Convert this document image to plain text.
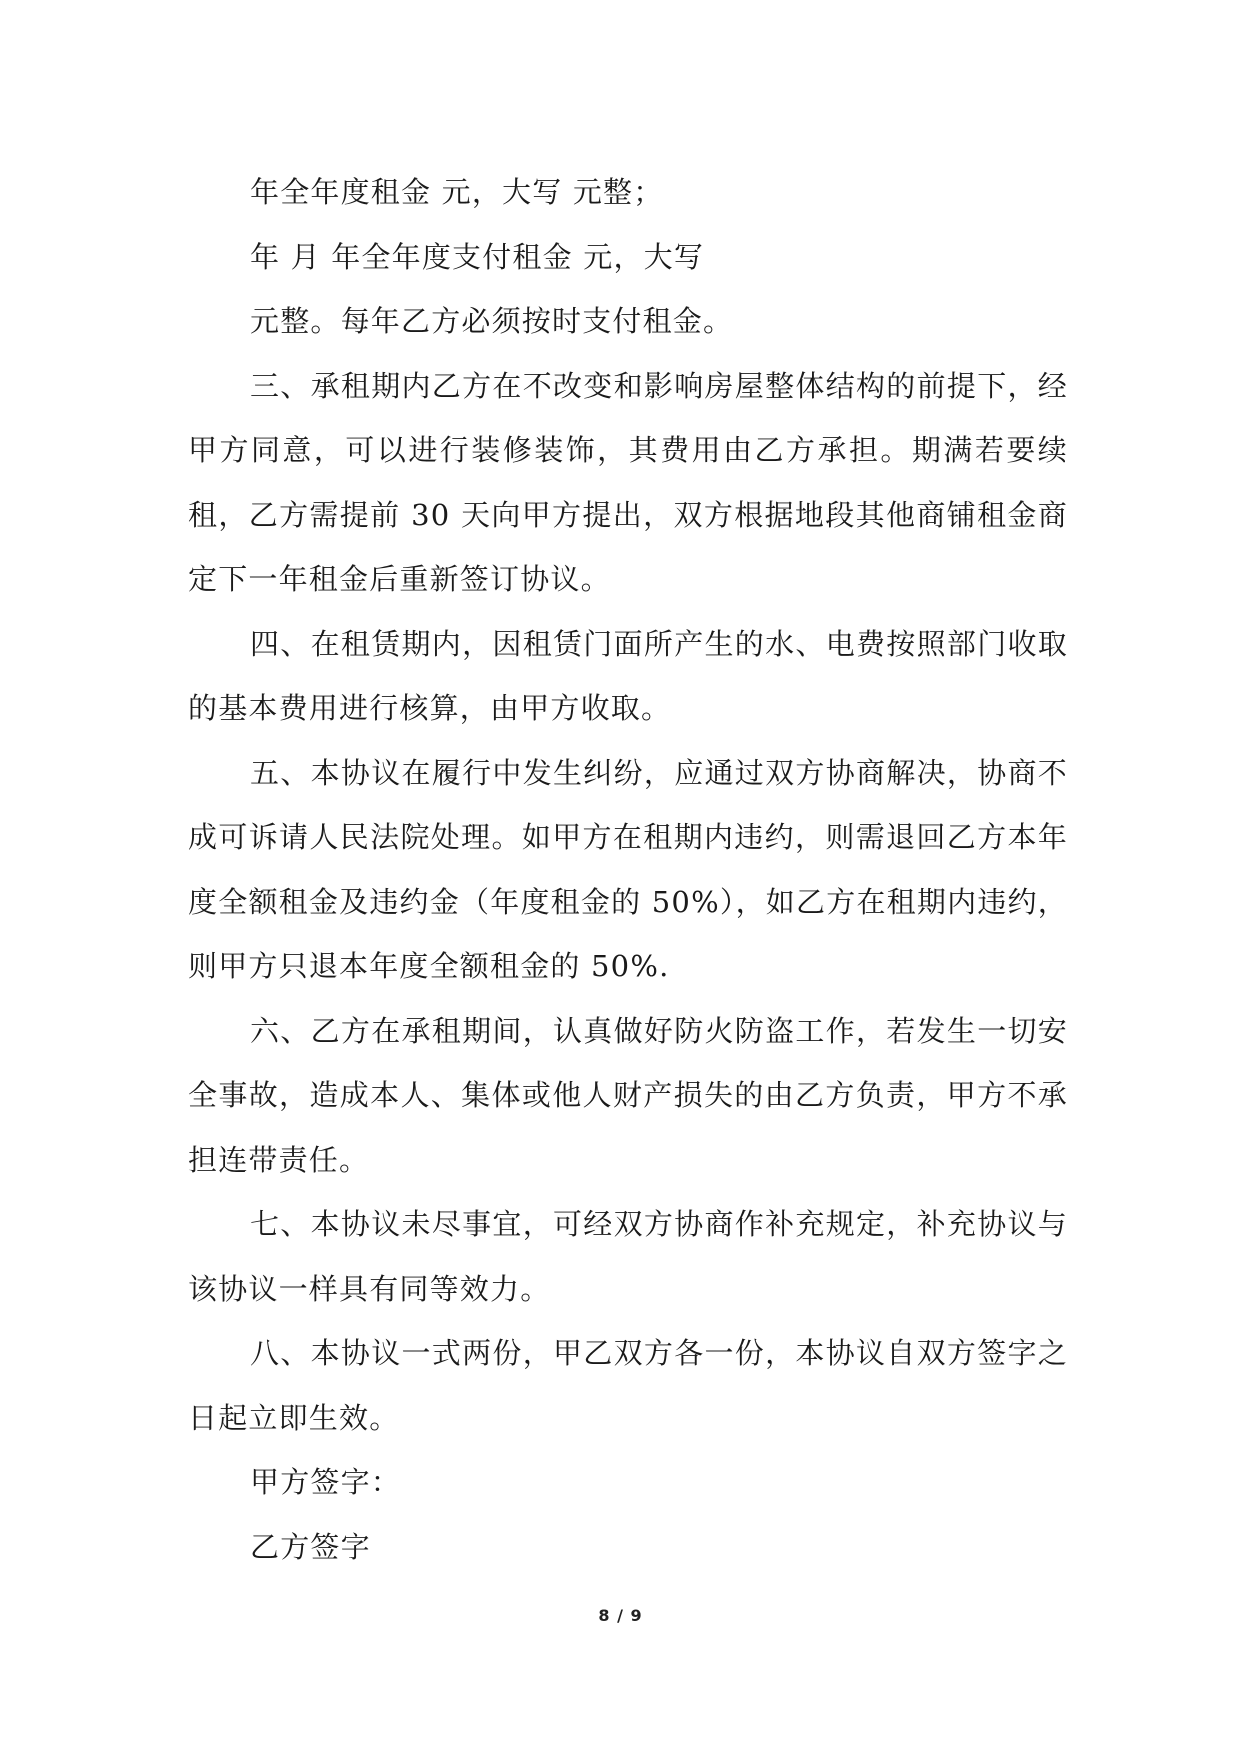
年全年度租金 元，大写 元整；

年 月 年全年度支付租金 元，大写

元整。每年乙方必须按时支付租金。

三、承租期内乙方在不改变和影响房屋整体结构的前提下，经甲方同意，可以进行装修装饰，其费用由乙方承担。期满若要续租，乙方需提前 30 天向甲方提出，双方根据地段其他商铺租金商定下一年租金后重新签订协议。

四、在租赁期内，因租赁门面所产生的水、电费按照部门收取的基本费用进行核算，由甲方收取。

五、本协议在履行中发生纠纷，应通过双方协商解决，协商不成可诉请人民法院处理。如甲方在租期内违约，则需退回乙方本年度全额租金及违约金（年度租金的 50%），如乙方在租期内违约，则甲方只退本年度全额租金的 50%.

六、乙方在承租期间，认真做好防火防盗工作，若发生一切安全事故，造成本人、集体或他人财产损失的由乙方负责，甲方不承担连带责任。

七、本协议未尽事宜，可经双方协商作补充规定，补充协议与该协议一样具有同等效力。

八、本协议一式两份，甲乙双方各一份，本协议自双方签字之日起立即生效。

甲方签字：

乙方签字

8 / 9
